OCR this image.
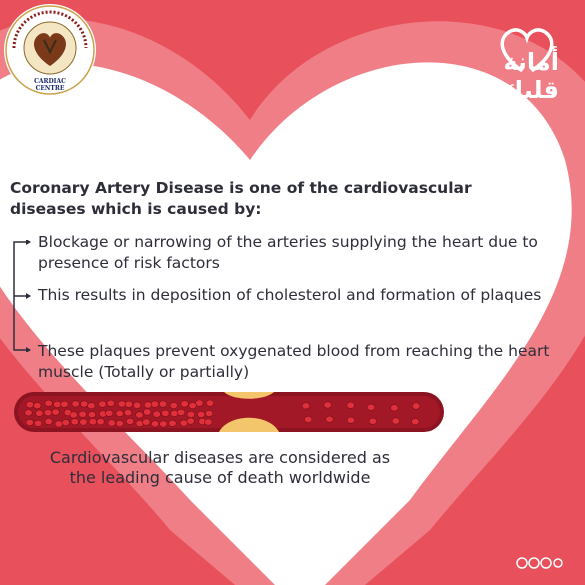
CARDIAC CENTRE
أمانة قلبك

Coronary Artery Disease is one of the cardiovascular diseases which is caused by:

Blockage or narrowing of the arteries supplying the heart due to presence of risk factors

This results in deposition of cholesterol and formation of plaques

These plaques prevent oxygenated blood from reaching the heart muscle (Totally or partially)

Cardiovascular diseases are considered as the leading cause of death worldwide
